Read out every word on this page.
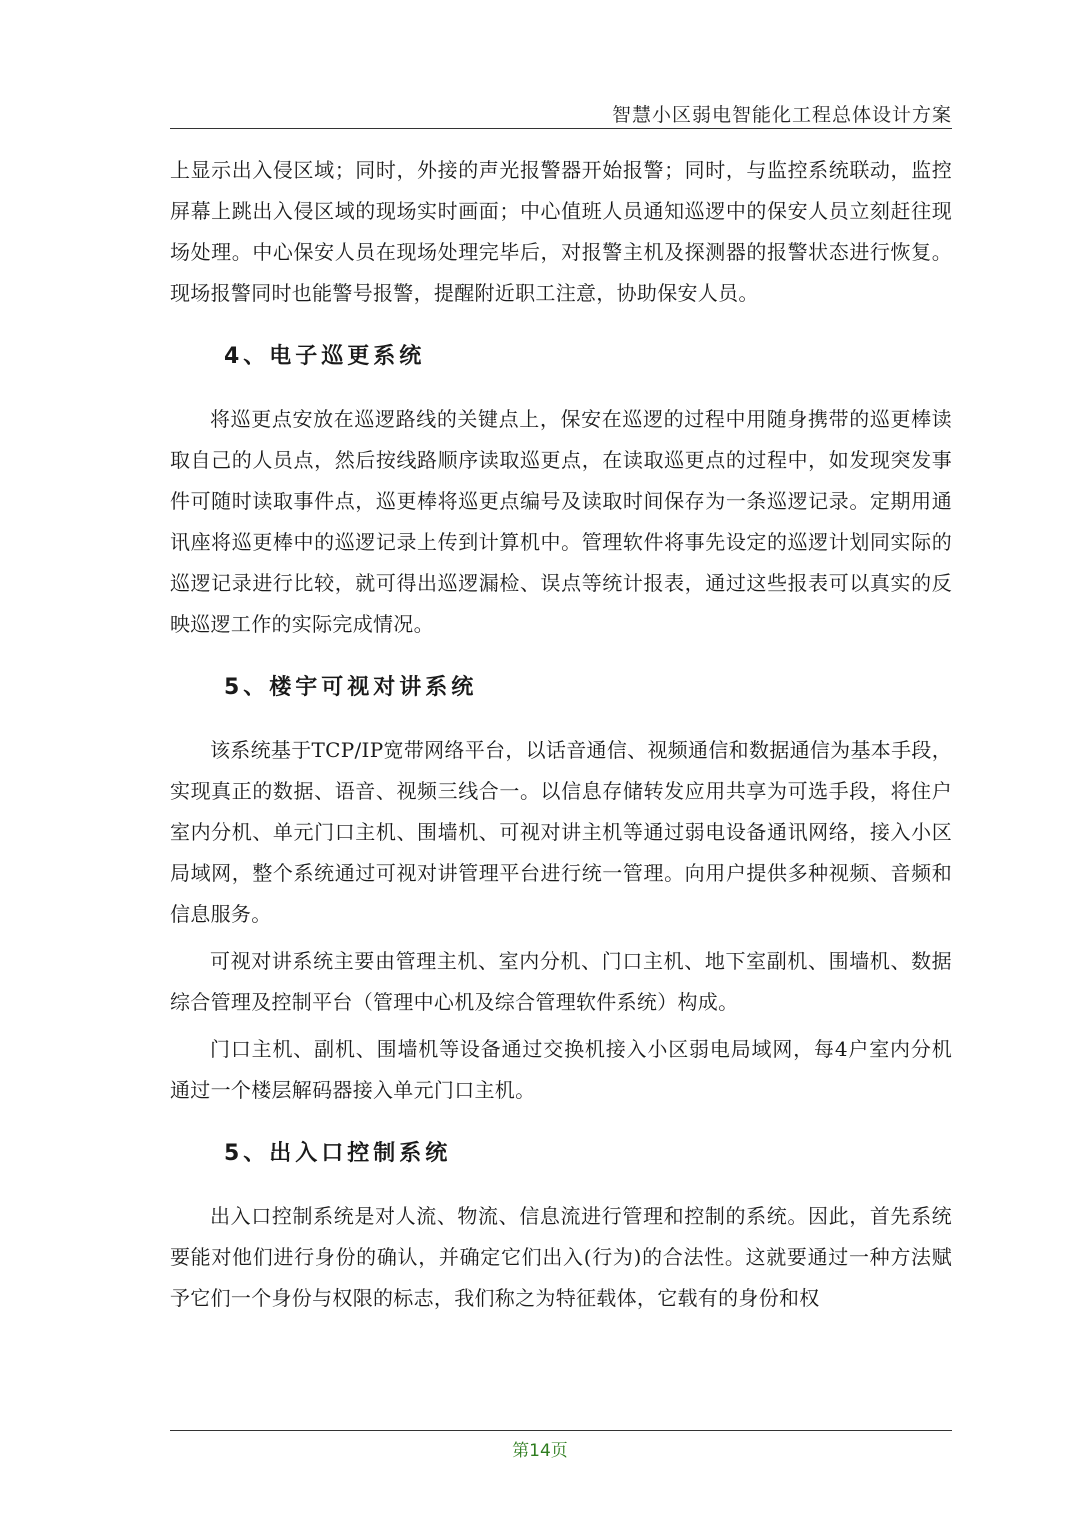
智慧小区弱电智能化工程总体设计方案

上显示出入侵区域；同时，外接的声光报警器开始报警；同时，与监控系统联动，监控屏幕上跳出入侵区域的现场实时画面；中心值班人员通知巡逻中的保安人员立刻赶往现场处理。中心保安人员在现场处理完毕后，对报警主机及探测器的报警状态进行恢复。现场报警同时也能警号报警，提醒附近职工注意，协助保安人员。

4、电子巡更系统

将巡更点安放在巡逻路线的关键点上，保安在巡逻的过程中用随身携带的巡更棒读取自己的人员点，然后按线路顺序读取巡更点，在读取巡更点的过程中，如发现突发事件可随时读取事件点，巡更棒将巡更点编号及读取时间保存为一条巡逻记录。定期用通讯座将巡更棒中的巡逻记录上传到计算机中。管理软件将事先设定的巡逻计划同实际的巡逻记录进行比较，就可得出巡逻漏检、误点等统计报表，通过这些报表可以真实的反映巡逻工作的实际完成情况。

5、楼宇可视对讲系统

该系统基于TCP/IP宽带网络平台，以话音通信、视频通信和数据通信为基本手段，实现真正的数据、语音、视频三线合一。以信息存储转发应用共享为可选手段，将住户室内分机、单元门口主机、围墙机、可视对讲主机等通过弱电设备通讯网络，接入小区局域网，整个系统通过可视对讲管理平台进行统一管理。向用户提供多种视频、音频和信息服务。

可视对讲系统主要由管理主机、室内分机、门口主机、地下室副机、围墙机、数据综合管理及控制平台（管理中心机及综合管理软件系统）构成。

门口主机、副机、围墙机等设备通过交换机接入小区弱电局域网，每4户室内分机通过一个楼层解码器接入单元门口主机。

5、出入口控制系统

出入口控制系统是对人流、物流、信息流进行管理和控制的系统。因此，首先系统要能对他们进行身份的确认，并确定它们出入(行为)的合法性。这就要通过一种方法赋予它们一个身份与权限的标志，我们称之为特征载体，它载有的身份和权

第14页
